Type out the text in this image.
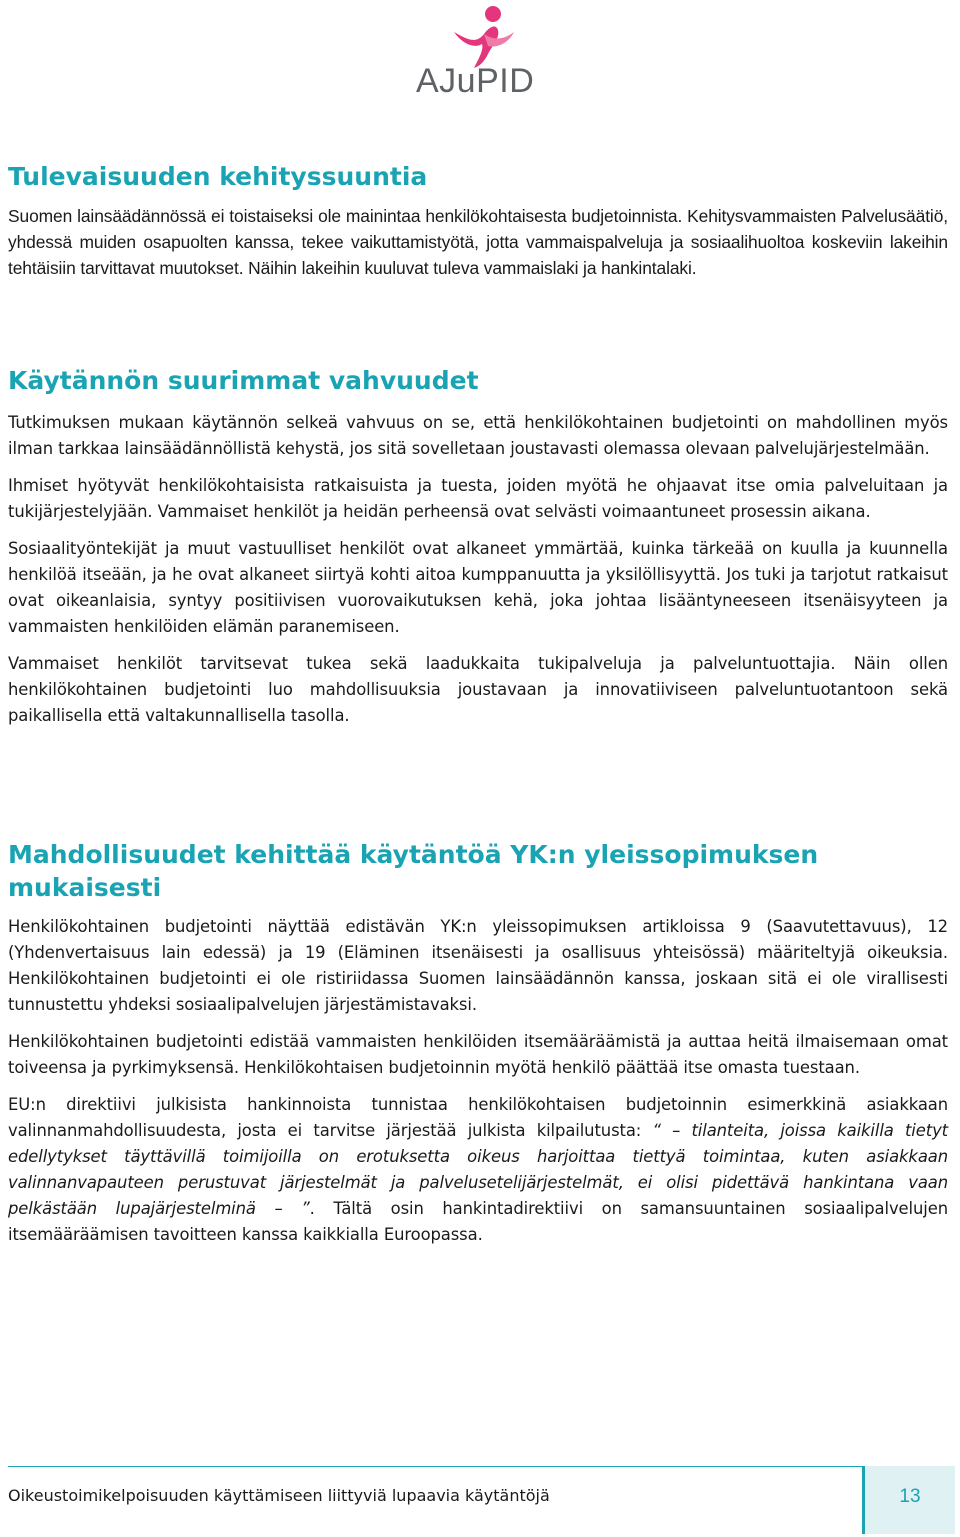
AJuPID
Tulevaisuuden kehityssuuntia

Suomen lainsäädännössä ei toistaiseksi ole mainintaa henkilökohtaisesta budjetoinnista. Kehitysvammaisten Palvelusäätiö, yhdessä muiden osapuolten kanssa, tekee vaikuttamistyötä, jotta vammaispalveluja ja sosiaalihuoltoa koskeviin lakeihin tehtäisiin tarvittavat muutokset. Näihin lakeihin kuuluvat tuleva vammaislaki ja hankintalaki.

Käytännön suurimmat vahvuudet

Tutkimuksen mukaan käytännön selkeä vahvuus on se, että henkilökohtainen budjetointi on mahdollinen myös ilman tarkkaa lainsäädännöllistä kehystä, jos sitä sovelletaan joustavasti olemassa olevaan palvelujärjestelmään.

Ihmiset hyötyvät henkilökohtaisista ratkaisuista ja tuesta, joiden myötä he ohjaavat itse omia palveluitaan ja tukijärjestelyjään. Vammaiset henkilöt ja heidän perheensä ovat selvästi voimaantuneet prosessin aikana.

Sosiaalityöntekijät ja muut vastuulliset henkilöt ovat alkaneet ymmärtää, kuinka tärkeää on kuulla ja kuunnella henkilöä itseään, ja he ovat alkaneet siirtyä kohti aitoa kumppanuutta ja yksilöllisyyttä. Jos tuki ja tarjotut ratkaisut ovat oikeanlaisia, syntyy positiivisen vuorovaikutuksen kehä, joka johtaa lisääntyneeseen itsenäisyyteen ja vammaisten henkilöiden elämän paranemiseen.

Vammaiset henkilöt tarvitsevat tukea sekä laadukkaita tukipalveluja ja palveluntuottajia. Näin ollen henkilökohtainen budjetointi luo mahdollisuuksia joustavaan ja innovatiiviseen palveluntuotantoon sekä paikallisella että valtakunnallisella tasolla.

Mahdollisuudet kehittää käytäntöä YK:n yleissopimuksen mukaisesti

Henkilökohtainen budjetointi näyttää edistävän YK:n yleissopimuksen artikloissa 9 (Saavutettavuus), 12 (Yhdenvertaisuus lain edessä) ja 19 (Eläminen itsenäisesti ja osallisuus yhteisössä) määriteltyjä oikeuksia. Henkilökohtainen budjetointi ei ole ristiriidassa Suomen lainsäädännön kanssa, joskaan sitä ei ole virallisesti tunnustettu yhdeksi sosiaalipalvelujen järjestämistavaksi.

Henkilökohtainen budjetointi edistää vammaisten henkilöiden itsemääräämistä ja auttaa heitä ilmaisemaan omat toiveensa ja pyrkimyksensä. Henkilökohtaisen budjetoinnin myötä henkilö päättää itse omasta tuestaan.

EU:n direktiivi julkisista hankinnoista tunnistaa henkilökohtaisen budjetoinnin esimerkkinä asiakkaan valinnanmahdollisuudesta, josta ei tarvitse järjestää julkista kilpailutusta: “ – tilanteita, joissa kaikilla tietyt edellytykset täyttävillä toimijoilla on erotuksetta oikeus harjoittaa tiettyä toimintaa, kuten asiakkaan valinnanvapauteen perustuvat järjestelmät ja palvelusetelijärjestelmät, ei olisi pidettävä hankintana vaan pelkästään lupajärjestelminä – ”. Tältä osin hankintadirektiivi on samansuuntainen sosiaalipalvelujen itsemääräämisen tavoitteen kanssa kaikkialla Euroopassa.

Oikeustoimikelpoisuuden käyttämiseen liittyviä lupaavia käytäntöjä	13
